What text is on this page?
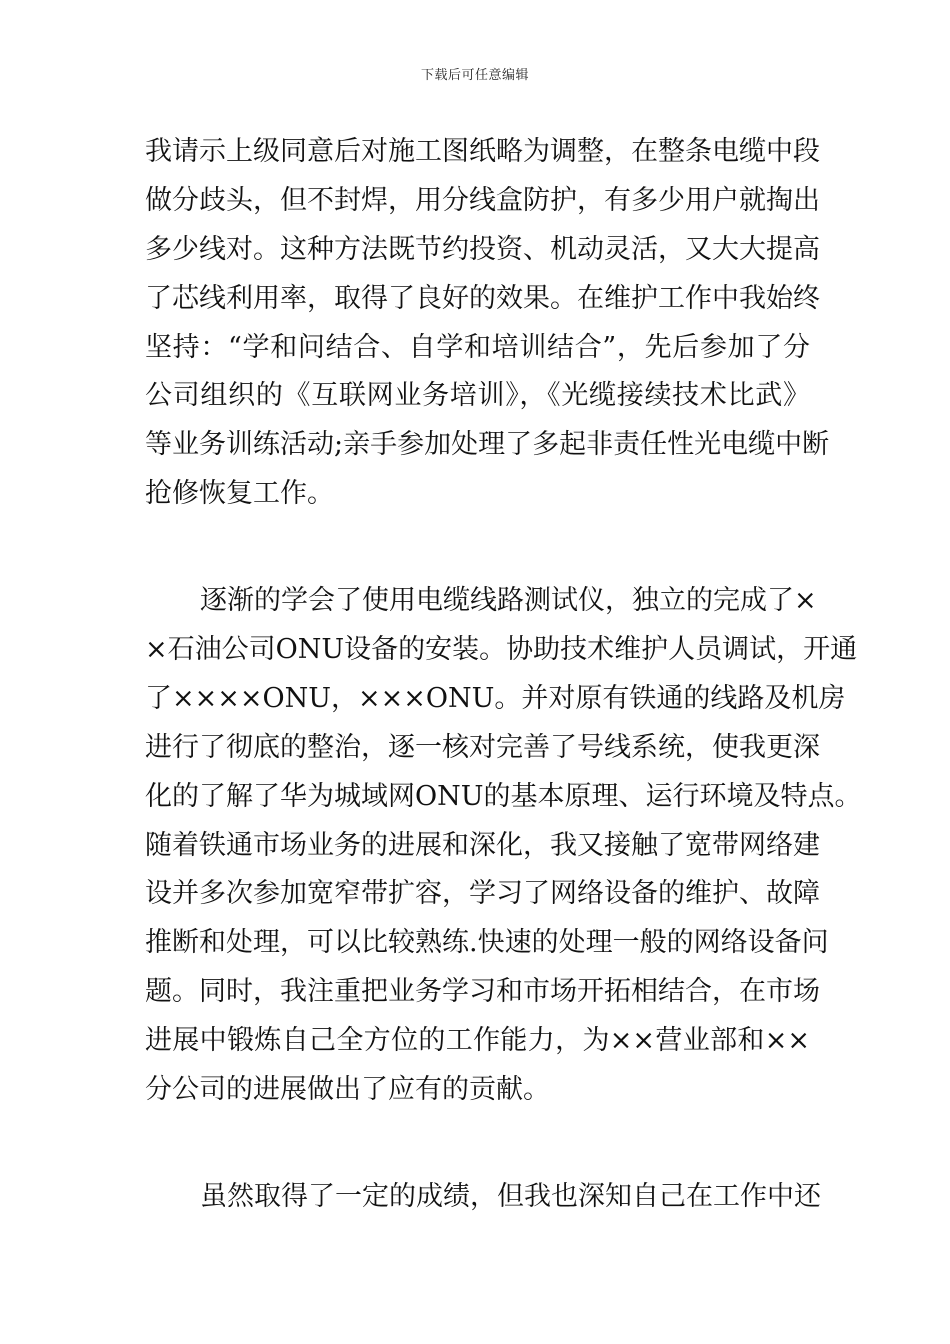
下载后可任意编辑
我请示上级同意后对施工图纸略为调整，在整条电缆中段
做分歧头，但不封焊，用分线盒防护，有多少用户就掏出
多少线对。这种方法既节约投资、机动灵活，又大大提高
了芯线利用率，取得了良好的效果。在维护工作中我始终
坚持：“学和问结合、自学和培训结合”，先后参加了分
公司组织的《互联网业务培训》，《光缆接续技术比武》
等业务训练活动;亲手参加处理了多起非责任性光电缆中断
抢修恢复工作。
逐渐的学会了使用电缆线路测试仪，独立的完成了×
×石油公司ONU设备的安装。协助技术维护人员调试，开通
了××××ONU，×××ONU。并对原有铁通的线路及机房
进行了彻底的整治，逐一核对完善了号线系统，使我更深
化的了解了华为城域网ONU的基本原理、运行环境及特点。
随着铁通市场业务的进展和深化，我又接触了宽带网络建
设并多次参加宽窄带扩容，学习了网络设备的维护、故障
推断和处理，可以比较熟练.快速的处理一般的网络设备问
题。同时，我注重把业务学习和市场开拓相结合，在市场
进展中锻炼自己全方位的工作能力，为××营业部和××
分公司的进展做出了应有的贡献。
虽然取得了一定的成绩，但我也深知自己在工作中还
